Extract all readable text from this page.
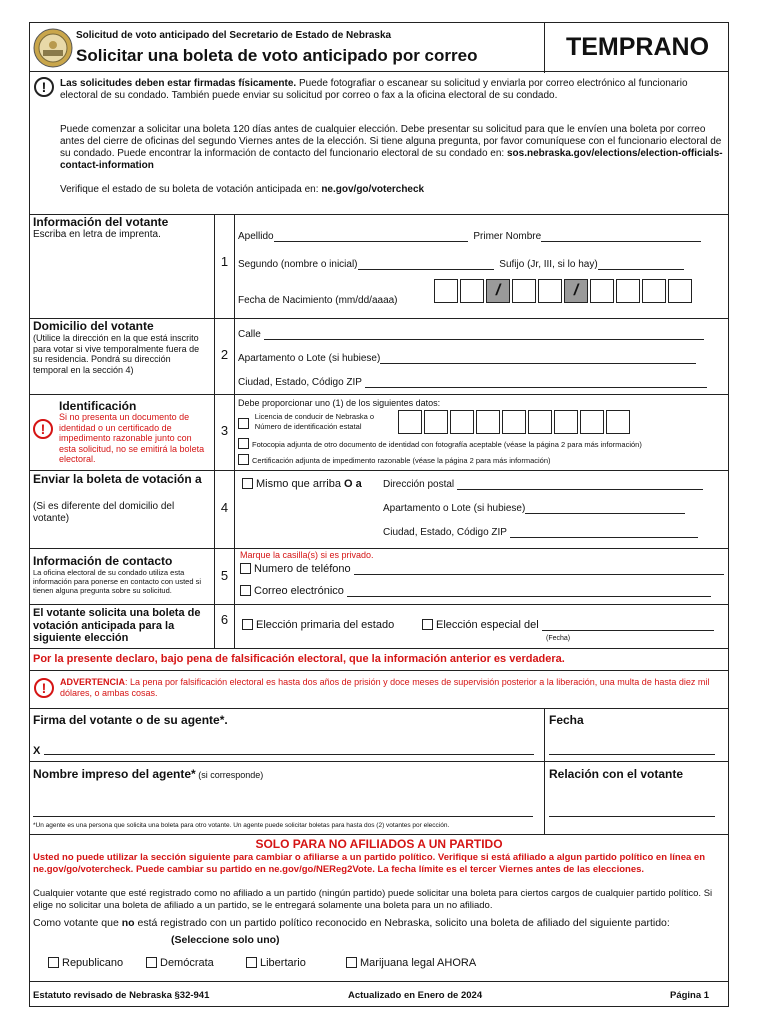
Solicitud de voto anticipado del Secretario de Estado de Nebraska
Solicitar una boleta de voto anticipado por correo	TEMPRANO
!	Las solicitudes deben estar firmadas físicamente. Puede fotografiar o escanear su solicitud y enviarla por correo electrónico al funcionario electoral de su condado. También puede enviar su solicitud por correo o fax a la oficina electoral de su condado.
Puede comenzar a solicitar una boleta 120 días antes de cualquier elección. Debe presentar su solicitud para que le envíen una boleta por correo antes del cierre de oficinas del segundo Viernes antes de la elección. Si tiene alguna pregunta, por favor comuníquese con el funcionario electoral de su condado. Puede encontrar la información de contacto del funcionario electoral de su condado en: sos.nebraska.gov/elections/election-officials-contact-information
Verifique el estado de su boleta de votación anticipada en: ne.gov/go/votercheck
Información del votante
Escriba en letra de imprenta.
1
Apellido	Primer Nombre
Segundo (nombre o inicial)	Sufijo (Jr, III, si lo hay)
Fecha de Nacimiento (mm/dd/aaaa)
/	/
Domicilio del votante
(Utilice la dirección en la que está inscrito para votar si vive temporalmente fuera de su residencia. Pondrá su dirección temporal en la sección 4)
2
Calle
Apartamento o Lote (si hubiese)
Ciudad, Estado, Código ZIP
!
Identificación
Si no presenta un documento de identidad o un certificado de impedimento razonable junto con esta solicitud, no se emitirá la boleta electoral.
3
Debe proporcionar uno (1) de los siguientes datos:
Licencia de conducir de Nebraska o
Número de identificación estatal
Fotocopia adjunta de otro documento de identidad con fotografía aceptable (véase la página 2 para más información)
Certificación adjunta de impedimento razonable (véase la página 2 para más información)
Enviar la boleta de votación a
(Si es diferente del domicilio del votante)
4
Mismo que arriba O a Dirección postal
Apartamento o Lote (si hubiese)
Ciudad, Estado, Código ZIP
Información de contacto
La oficina electoral de su condado utiliza esta información para ponerse en contacto con usted si tienen alguna pregunta sobre su solicitud.
5
Marque la casilla(s) si es privado.
Numero de teléfono
Correo electrónico
El votante solicita una boleta de votación anticipada para la siguiente elección
6	Elección primaria del estado	Elección especial del
(Fecha)
Por la presente declaro, bajo pena de falsificación electoral, que la información anterior es verdadera.
!	ADVERTENCIA: La pena por falsificación electoral es hasta dos años de prisión y doce meses de supervisión posterior a la liberación, una multa de hasta diez mil dólares, o ambas cosas.
Firma del votante o de su agente*.	Fecha
X
Nombre impreso del agente* (si corresponde)	Relación con el votante
*Un agente es una persona que solicita una boleta para otro votante. Un agente puede solicitar boletas para hasta dos (2) votantes por elección.
SOLO PARA NO AFILIADOS A UN PARTIDO
Usted no puede utilizar la sección siguiente para cambiar o afiliarse a un partido político. Verifique si está afiliado a algun partido político en línea en ne.gov/go/votercheck. Puede cambiar su partido en ne.gov/go/NEReg2Vote. La fecha límite es el tercer Viernes antes de las elecciones.
Cualquier votante que esté registrado como no afiliado a un partido (ningún partido) puede solicitar una boleta para ciertos cargos de cualquier partido político. Si elige no solicitar una boleta de afiliado a un partido, se le entregará solamente una boleta para un no afiliado.
Como votante que no está registrado con un partido político reconocido en Nebraska, solicito una boleta de afiliado del siguiente partido:
(Seleccione solo uno)
Republicano	Demócrata	Libertario	Marijuana legal AHORA
Estatuto revisado de Nebraska §32-941	Actualizado en Enero de 2024	Página 1
